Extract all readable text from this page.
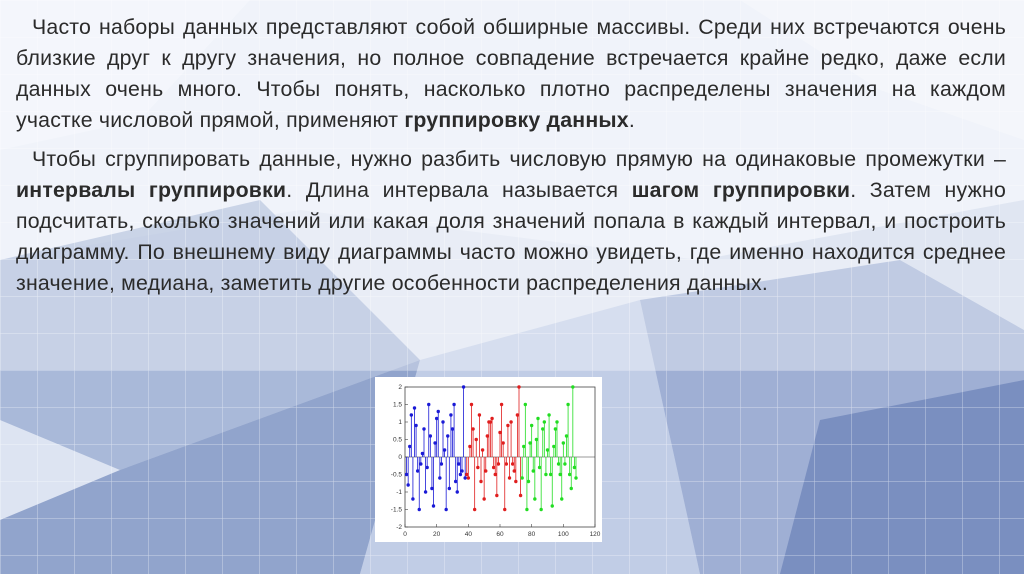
Часто наборы данных представляют собой обширные массивы. Среди них встречаются очень близкие друг к другу значения, но полное совпадение встречается крайне редко, даже если данных очень много. Чтобы понять, насколько плотно распределены значения на каждом участке числовой прямой, применяют группировку данных.

Чтобы сгруппировать данные, нужно разбить числовую прямую на одинаковые промежутки – интервалы группировки. Длина интервала называется шагом группировки. Затем нужно подсчитать, сколько значений или какая доля значений попала в каждый интервал, и построить диаграмму. По внешнему виду диаграммы часто можно увидеть, где именно находится среднее значение, медиана, заметить другие особенности распределения данных.

0	20	40	60	80	100	120
2
1.5
1
0.5
0
-0.5
-1
-1.5
-2
